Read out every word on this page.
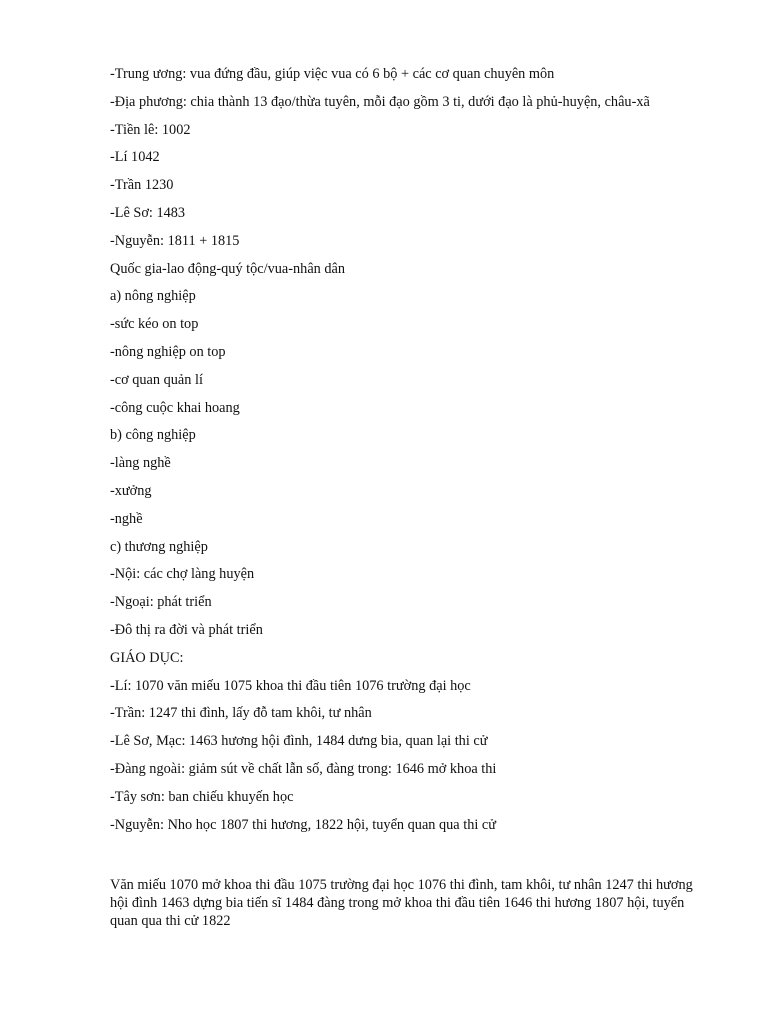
-Trung ương: vua đứng đầu, giúp việc vua có 6 bộ + các cơ quan chuyên môn
-Địa phương: chia thành 13 đạo/thừa tuyên, mỗi đạo gồm 3 ti, dưới đạo là phủ-huyện, châu-xã
-Tiền lê: 1002
-Lí 1042
-Trần 1230
-Lê Sơ: 1483
-Nguyễn: 1811 + 1815
Quốc gia-lao động-quý tộc/vua-nhân dân
a) nông nghiệp
-sức kéo on top
-nông nghiệp on top
-cơ quan quản lí
-công cuộc khai hoang
b) công nghiệp
-làng nghề
-xưởng
-nghề
c) thương nghiệp
-Nội: các chợ làng huyện
-Ngoại: phát triển
-Đô thị ra đời và phát triển
GIÁO DỤC:
-Lí: 1070 văn miếu 1075 khoa thi đầu tiên 1076 trường đại học
-Trần: 1247 thi đình, lấy đỗ tam khôi, tư nhân
-Lê Sơ, Mạc: 1463 hương hội đình, 1484 dưng bia, quan lại thi cử
-Đàng ngoài: giảm sút về chất lẫn số, đàng trong: 1646 mở khoa thi
-Tây sơn: ban chiếu khuyến học
-Nguyễn: Nho học 1807 thi hương, 1822 hội, tuyển quan qua thi cử

Văn miếu 1070 mở khoa thi đầu 1075 trường đại học 1076 thi đình, tam khôi, tư nhân 1247 thi hương hội đình 1463 dựng bia tiến sĩ 1484 đàng trong mở khoa thi đầu tiên 1646 thi hương 1807 hội, tuyển quan qua thi cử 1822
